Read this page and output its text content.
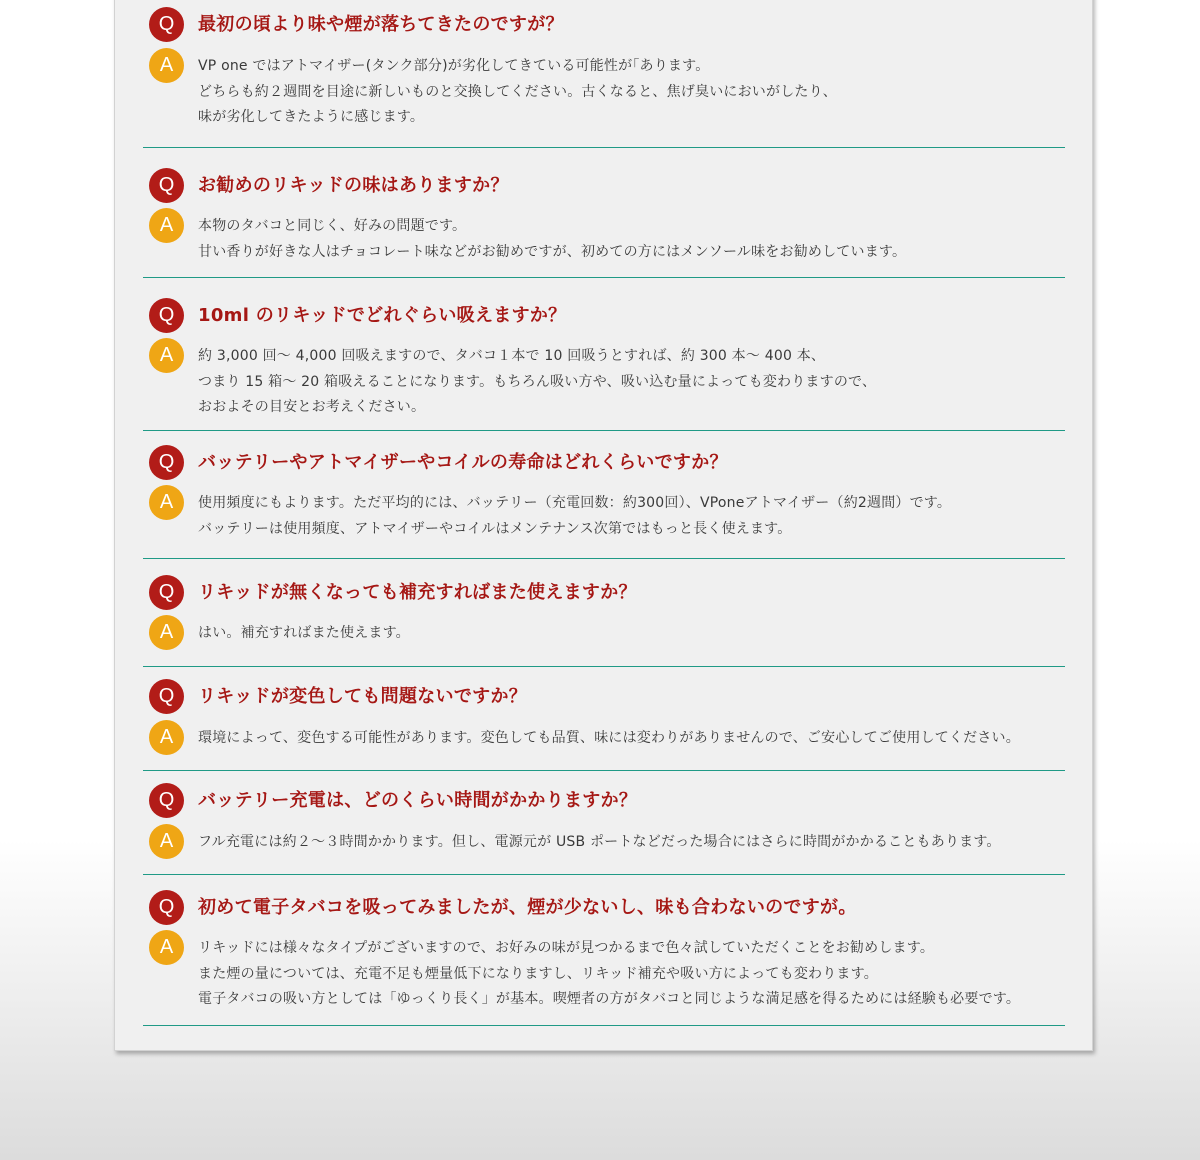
Q	最初の頃より味や煙が落ちてきたのですが？
A	VP one ではアトマイザー(タンク部分)が劣化してきている可能性が｢あります。
どちらも約２週間を目途に新しいものと交換してください。古くなると、焦げ臭いにおいがしたり、
味が劣化してきたように感じます。
Q	お勧めのリキッドの味はありますか？
A	本物のタバコと同じく、好みの問題です。
甘い香りが好きな人はチョコレート味などがお勧めですが、初めての方にはメンソール味をお勧めしています。
Q	10ml のリキッドでどれぐらい吸えますか？
A	約 3,000 回～ 4,000 回吸えますので、タバコ１本で 10 回吸うとすれば、約 300 本～ 400 本、
つまり 15 箱～ 20 箱吸えることになります。もちろん吸い方や、吸い込む量によっても変わりますので、
おおよその目安とお考えください。
Q	バッテリーやアトマイザーやコイルの寿命はどれくらいですか？
A	使用頻度にもよります。ただ平均的には、バッテリー（充電回数：約300回）、VPoneアトマイザー（約2週間）です。
バッテリーは使用頻度、アトマイザーやコイルはメンテナンス次第ではもっと長く使えます。
Q	リキッドが無くなっても補充すればまた使えますか？
A	はい。補充すればまた使えます。
Q	リキッドが変色しても問題ないですか？
A	環境によって、変色する可能性があります。変色しても品質、味には変わりがありませんので、ご安心してご使用してください。
Q	バッテリー充電は、どのくらい時間がかかりますか？
A	フル充電には約２～３時間かかります。但し、電源元が USB ポートなどだった場合にはさらに時間がかかることもあります。
Q	初めて電子タバコを吸ってみましたが、煙が少ないし、味も合わないのですが。
A	リキッドには様々なタイプがございますので、お好みの味が見つかるまで色々試していただくことをお勧めします。
また煙の量については、充電不足も煙量低下になりますし、リキッド補充や吸い方によっても変わります。
電子タバコの吸い方としては「ゆっくり長く」が基本。喫煙者の方がタバコと同じような満足感を得るためには経験も必要です。
